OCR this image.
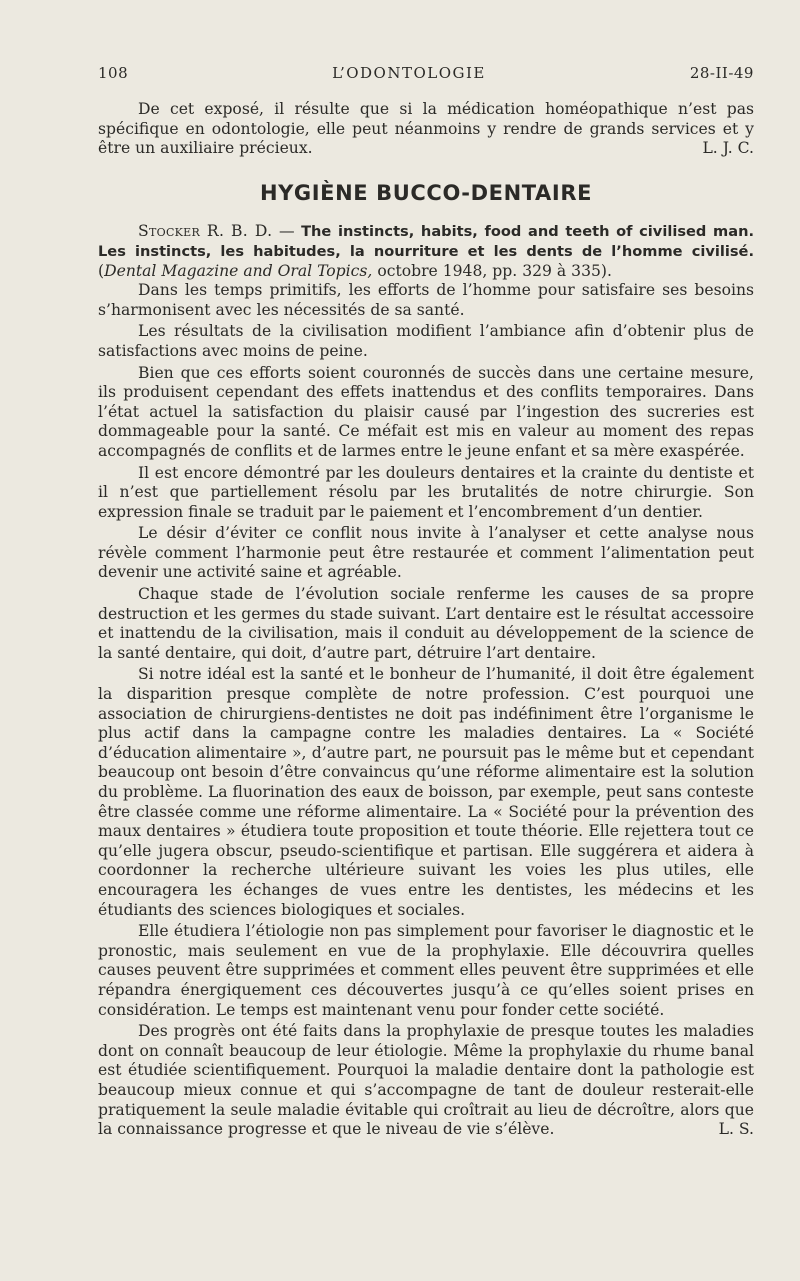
108	L’ODONTOLOGIE	28-II-49

De cet exposé, il résulte que si la médication homéopathique n’est pas spécifique en odontologie, elle peut néanmoins y rendre de grands services et y être un auxiliaire précieux.	L. J. C.

HYGIÈNE BUCCO-DENTAIRE

Stocker R. B. D. — The instincts, habits, food and teeth of civilised man. Les instincts, les habitudes, la nourriture et les dents de l’homme civilisé. (Dental Magazine and Oral Topics, octobre 1948, pp. 329 à 335).

Dans les temps primitifs, les efforts de l’homme pour satisfaire ses besoins s’harmonisent avec les nécessités de sa santé.

Les résultats de la civilisation modifient l’ambiance afin d’obtenir plus de satisfactions avec moins de peine.

Bien que ces efforts soient couronnés de succès dans une certaine mesure, ils produisent cependant des effets inattendus et des conflits temporaires. Dans l’état actuel la satisfaction du plaisir causé par l’ingestion des sucreries est dommageable pour la santé. Ce méfait est mis en valeur au moment des repas accompagnés de conflits et de larmes entre le jeune enfant et sa mère exaspérée.

Il est encore démontré par les douleurs dentaires et la crainte du dentiste et il n’est que partiellement résolu par les brutalités de notre chirurgie. Son expression finale se traduit par le paiement et l’encombrement d’un dentier.

Le désir d’éviter ce conflit nous invite à l’analyser et cette analyse nous révèle comment l’harmonie peut être restaurée et comment l’alimentation peut devenir une activité saine et agréable.

Chaque stade de l’évolution sociale renferme les causes de sa propre destruction et les germes du stade suivant. L’art dentaire est le résultat accessoire et inattendu de la civilisation, mais il conduit au développement de la science de la santé dentaire, qui doit, d’autre part, détruire l’art dentaire.

Si notre idéal est la santé et le bonheur de l’humanité, il doit être également la disparition presque complète de notre profession. C’est pourquoi une association de chirurgiens-dentistes ne doit pas indéfiniment être l’organisme le plus actif dans la campagne contre les maladies dentaires. La « Société d’éducation alimentaire », d’autre part, ne poursuit pas le même but et cependant beaucoup ont besoin d’être convaincus qu’une réforme alimentaire est la solution du problème. La fluorination des eaux de boisson, par exemple, peut sans conteste être classée comme une réforme alimentaire. La « Société pour la prévention des maux dentaires » étudiera toute proposition et toute théorie. Elle rejettera tout ce qu’elle jugera obscur, pseudo-scientifique et partisan. Elle suggérera et aidera à coordonner la recherche ultérieure suivant les voies les plus utiles, elle encouragera les échanges de vues entre les dentistes, les médecins et les étudiants des sciences biologiques et sociales.

Elle étudiera l’étiologie non pas simplement pour favoriser le diagnostic et le pronostic, mais seulement en vue de la prophylaxie. Elle découvrira quelles causes peuvent être supprimées et comment elles peuvent être supprimées et elle répandra énergiquement ces découvertes jusqu’à ce qu’elles soient prises en considération. Le temps est maintenant venu pour fonder cette société.

Des progrès ont été faits dans la prophylaxie de presque toutes les maladies dont on connaît beaucoup de leur étiologie. Même la prophylaxie du rhume banal est étudiée scientifiquement. Pourquoi la maladie dentaire dont la pathologie est beaucoup mieux connue et qui s’accompagne de tant de douleur resterait-elle pratiquement la seule maladie évitable qui croîtrait au lieu de décroître, alors que la connaissance progresse et que le niveau de vie s’élève.	L. S.
